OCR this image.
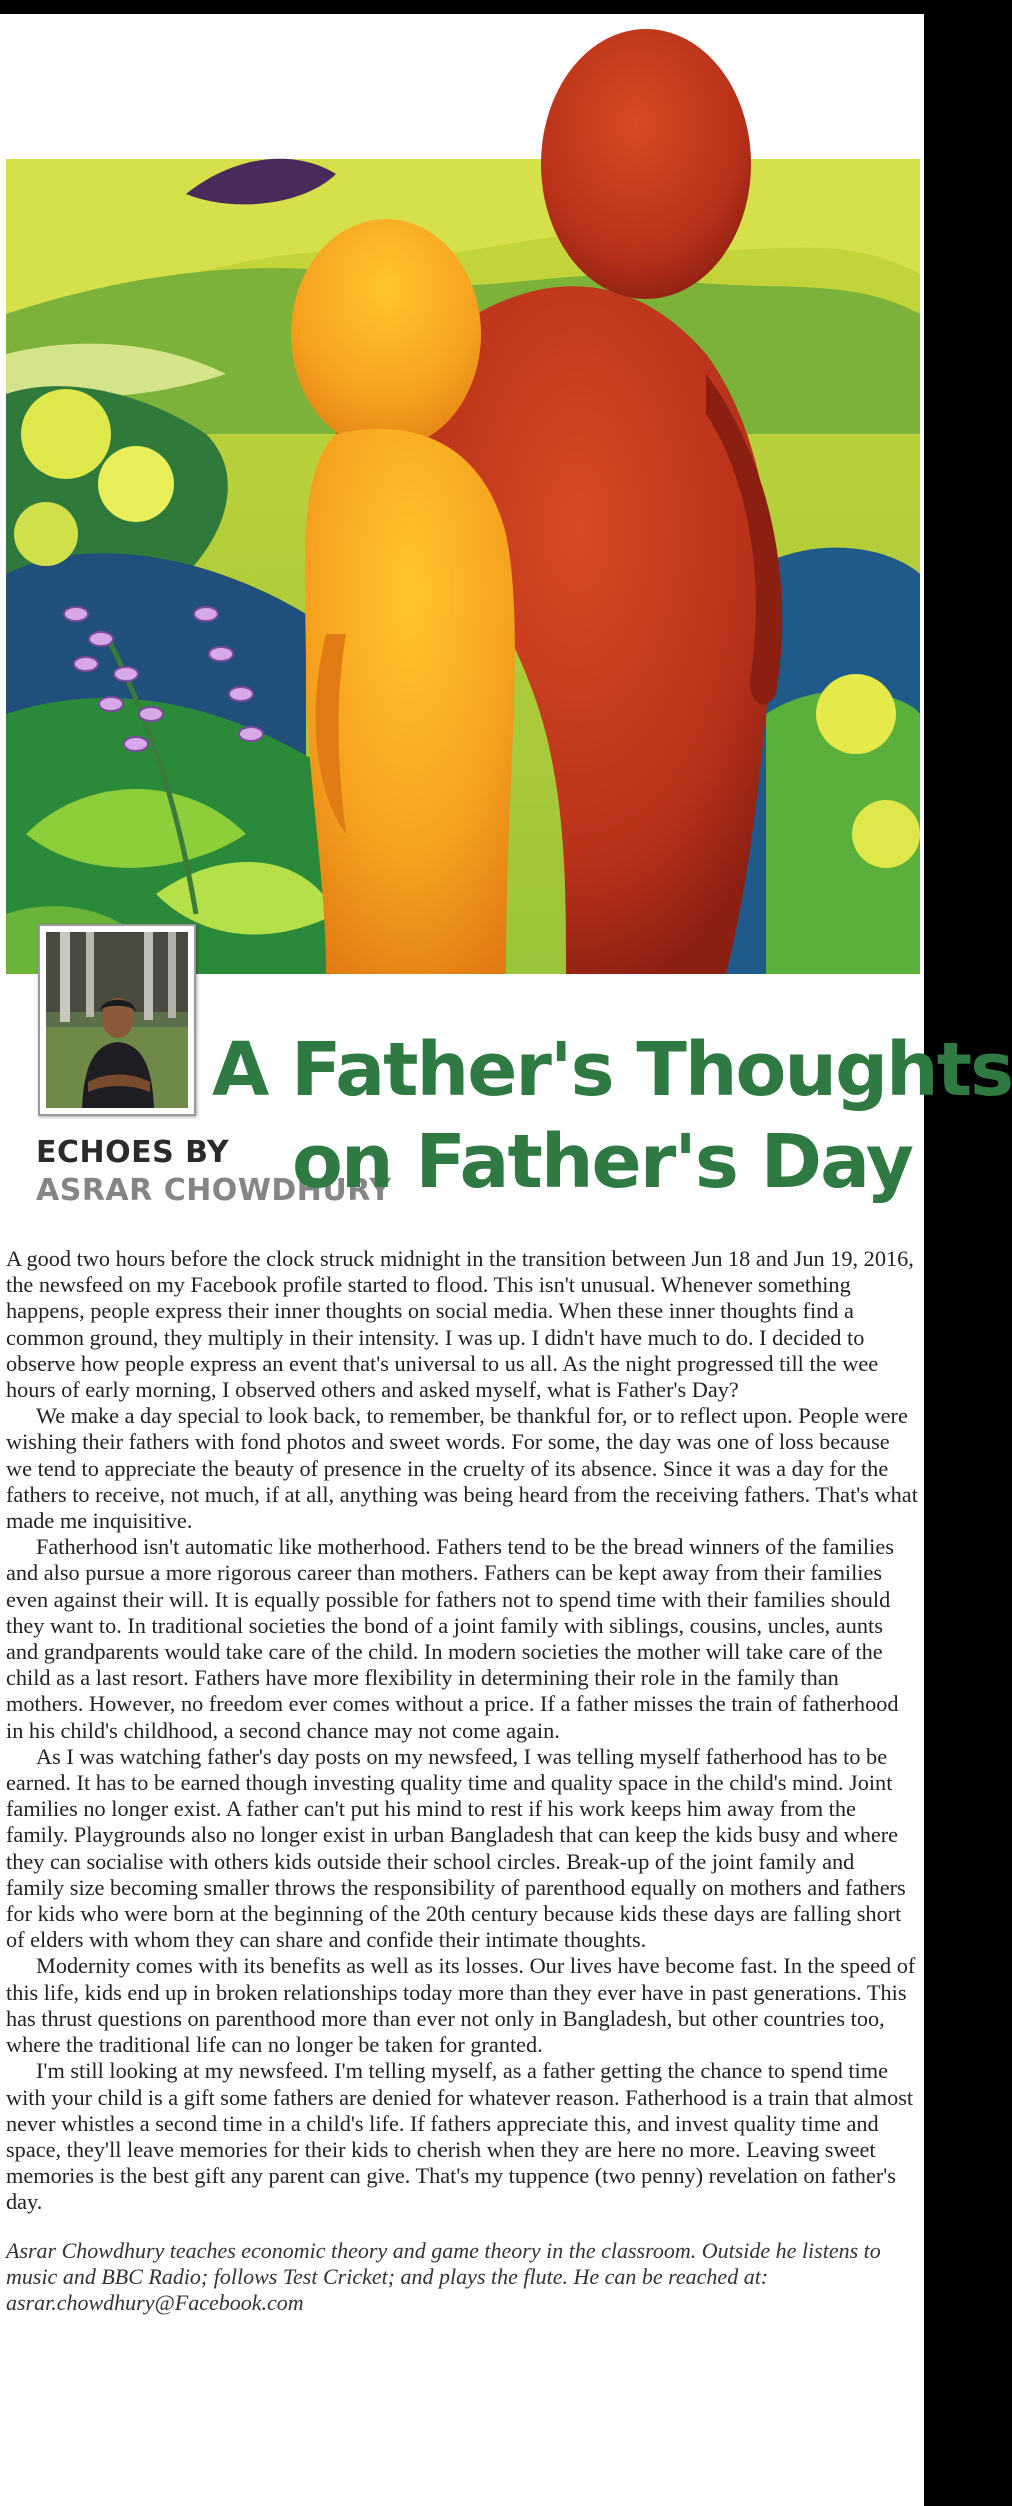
ECHOES BY
ASRAR CHOWDHURY
A Father's Thoughts
on Father's Day

A good two hours before the clock struck midnight in the transition between Jun 18 and Jun 19, 2016, the newsfeed on my Facebook profile started to flood. This isn't unusual. Whenever something happens, people express their inner thoughts on social media. When these inner thoughts find a common ground, they multiply in their intensity. I was up. I didn't have much to do. I decided to observe how people express an event that's universal to us all. As the night progressed till the wee hours of early morning, I observed others and asked myself, what is Father's Day?

We make a day special to look back, to remember, be thankful for, or to reflect upon. People were wishing their fathers with fond photos and sweet words. For some, the day was one of loss because we tend to appreciate the beauty of presence in the cruelty of its absence. Since it was a day for the fathers to receive, not much, if at all, anything was being heard from the receiving fathers. That's what made me inquisitive.

Fatherhood isn't automatic like motherhood. Fathers tend to be the bread winners of the families and also pursue a more rigorous career than mothers. Fathers can be kept away from their families even against their will. It is equally possible for fathers not to spend time with their families should they want to. In traditional societies the bond of a joint family with siblings, cousins, uncles, aunts and grandparents would take care of the child. In modern societies the mother will take care of the child as a last resort. Fathers have more flexibility in determining their role in the family than mothers. However, no freedom ever comes without a price. If a father misses the train of fatherhood in his child's childhood, a second chance may not come again.

As I was watching father's day posts on my newsfeed, I was telling myself fatherhood has to be earned. It has to be earned though investing quality time and quality space in the child's mind. Joint families no longer exist. A father can't put his mind to rest if his work keeps him away from the family. Playgrounds also no longer exist in urban Bangladesh that can keep the kids busy and where they can socialise with others kids outside their school circles. Break-up of the joint family and family size becoming smaller throws the responsibility of parenthood equally on mothers and fathers for kids who were born at the beginning of the 20th century because kids these days are falling short of elders with whom they can share and confide their intimate thoughts.

Modernity comes with its benefits as well as its losses. Our lives have become fast. In the speed of this life, kids end up in broken relationships today more than they ever have in past generations. This has thrust questions on parenthood more than ever not only in Bangladesh, but other countries too, where the traditional life can no longer be taken for granted.

I'm still looking at my newsfeed. I'm telling myself, as a father getting the chance to spend time with your child is a gift some fathers are denied for whatever reason. Fatherhood is a train that almost never whistles a second time in a child's life. If fathers appreciate this, and invest quality time and space, they'll leave memories for their kids to cherish when they are here no more. Leaving sweet memories is the best gift any parent can give. That's my tuppence (two penny) revelation on father's day.

Asrar Chowdhury teaches economic theory and game theory in the classroom. Outside he listens to music and BBC Radio; follows Test Cricket; and plays the flute. He can be reached at: asrar.chowdhury@Facebook.com
